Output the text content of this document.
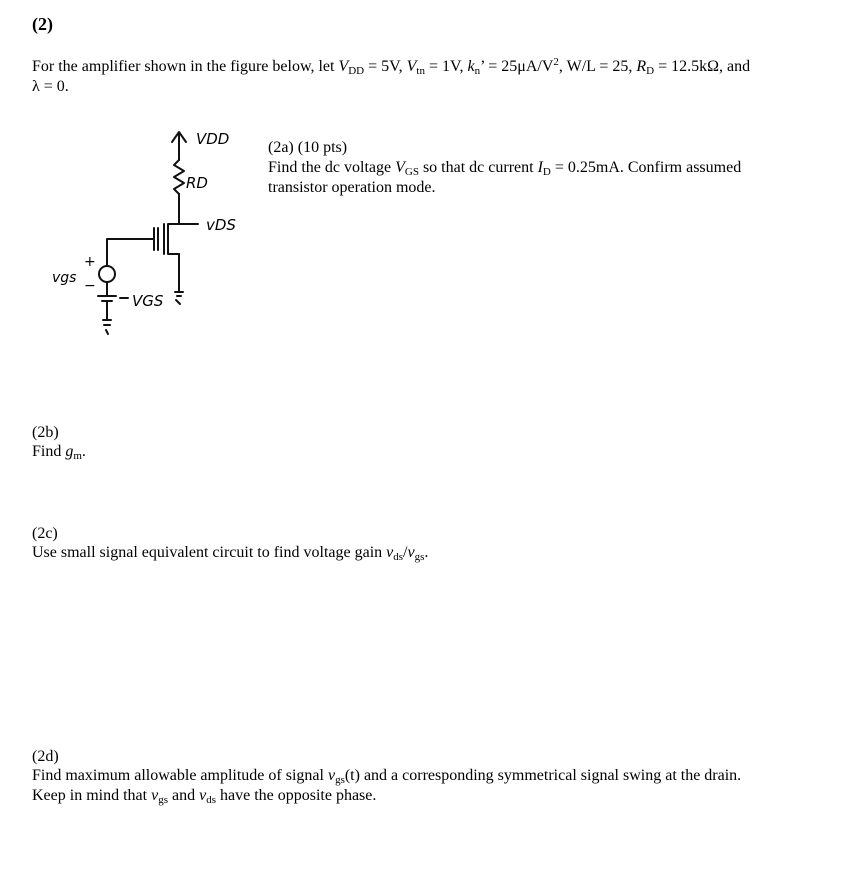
(2)
For the amplifier shown in the figure below, let $V_{DD} = 5V$, $V_{tn} = 1V$, $k_n$’ = $25\mu A/V^2$, W/L = 25, $R_D = 12.5k\Omega$, and
λ = 0.
VDD
RD
vDS
VGS
vgs
+
−
(2a) (10 pts)
Find the dc voltage $V_{GS}$ so that dc current $I_D = 0.25mA$. Confirm assumed
transistor operation mode.
(2b)
Find $g_m$.
(2c)
Use small signal equivalent circuit to find voltage gain $v_{ds}/v_{gs}$.
(2d)
Find maximum allowable amplitude of signal $v_{gs}(t)$ and a corresponding symmetrical signal swing at the drain.
Keep in mind that $v_{gs}$ and $v_{ds}$ have the opposite phase.
